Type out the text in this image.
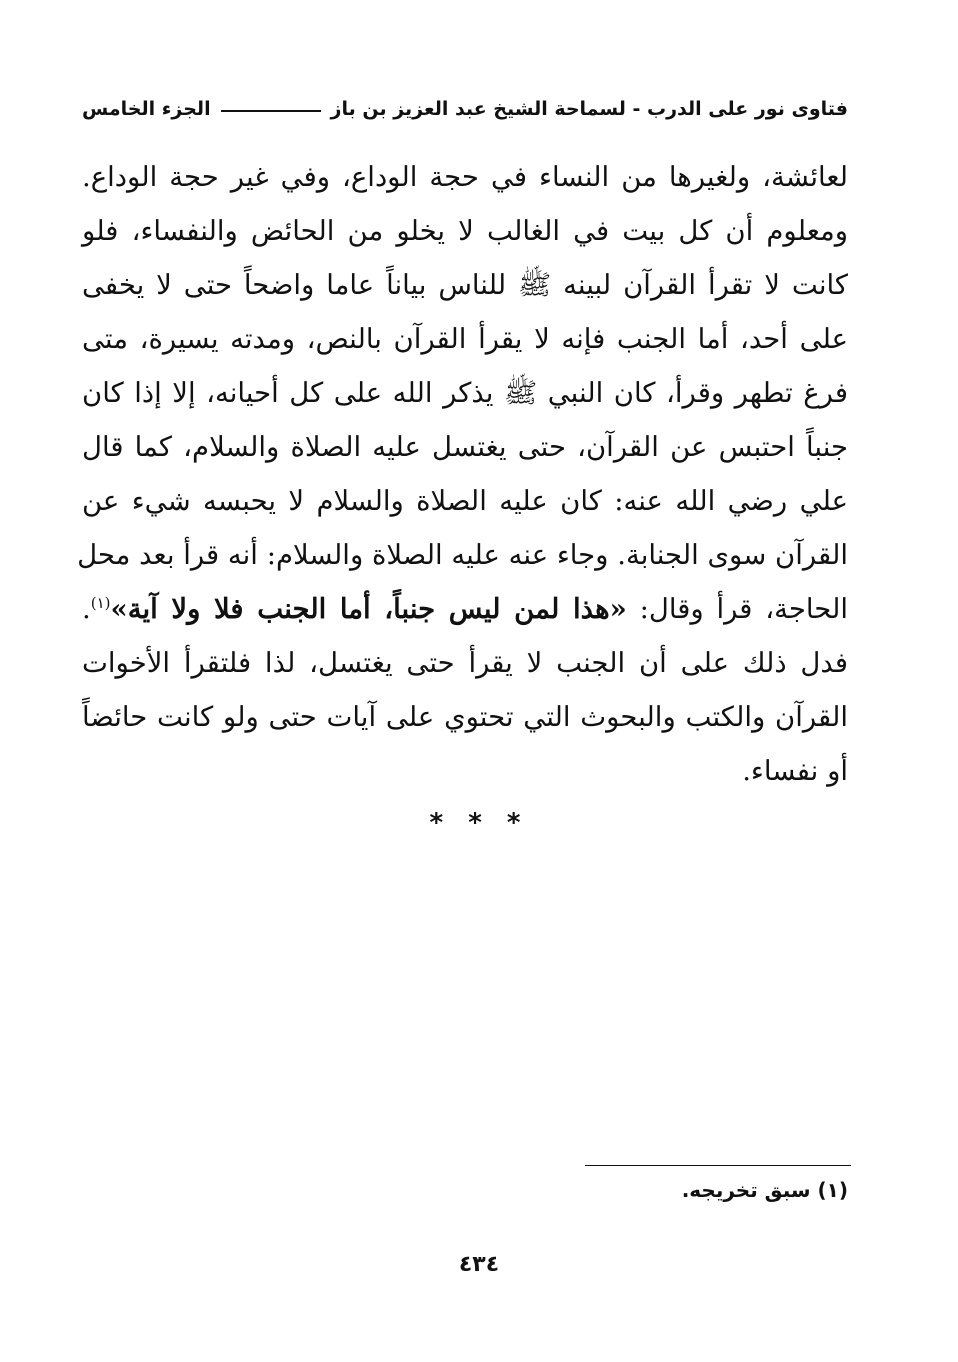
فتاوى نور على الدرب - لسماحة الشيخ عبد العزيز بن باز
الجزء الخامس
لعائشة، ولغيرها من النساء في حجة الوداع، وفي غير حجة الوداع.
ومعلوم أن كل بيت في الغالب لا يخلو من الحائض والنفساء، فلو
كانت لا تقرأ القرآن لبينه ﷺ للناس بياناً عاما واضحاً حتى لا يخفى
على أحد، أما الجنب فإنه لا يقرأ القرآن بالنص، ومدته يسيرة، متى
فرغ تطهر وقرأ، كان النبي ﷺ يذكر الله على كل أحيانه، إلا إذا كان
جنباً احتبس عن القرآن، حتى يغتسل عليه الصلاة والسلام، كما قال
علي رضي الله عنه: كان عليه الصلاة والسلام لا يحبسه شيء عن
القرآن سوى الجنابة. وجاء عنه عليه الصلاة والسلام: أنه قرأ بعد محل
الحاجة، قرأ وقال: «هذا لمن ليس جنباً، أما الجنب فلا ولا آية»$^{(١)}$.
فدل ذلك على أن الجنب لا يقرأ حتى يغتسل، لذا فلتقرأ الأخوات
القرآن والكتب والبحوث التي تحتوي على آيات حتى ولو كانت حائضاً
أو نفساء.
* * *
(١) سبق تخريجه.
٤٣٤
